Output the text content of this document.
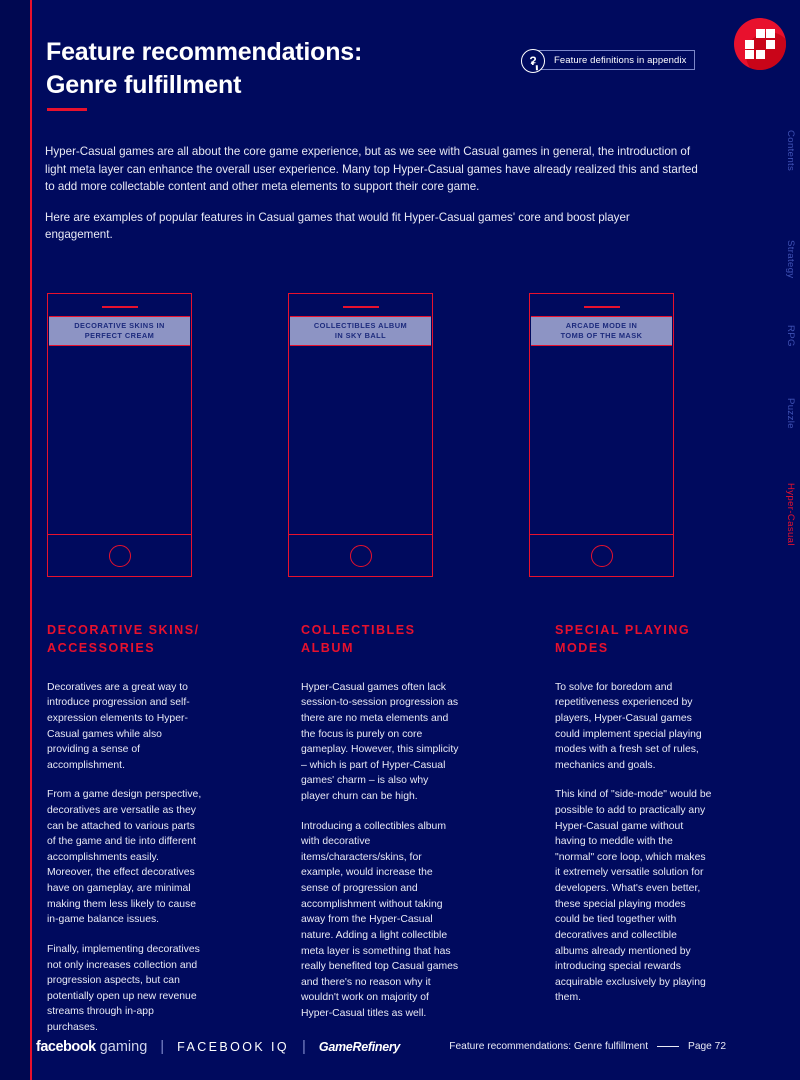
Feature recommendations:
Genre fulfillment
?	Feature definitions in appendix

Hyper-Casual games are all about the core game experience, but as we see with Casual games in general, the introduction of light meta layer can enhance the overall user experience. Many top Hyper-Casual games have already realized this and started to add more collectable content and other meta elements to support their core game.

Here are examples of popular features in Casual games that would fit Hyper-Casual games' core and boost player engagement.

DECORATIVE SKINS IN
PERFECT CREAM
COLLECTIBLES ALBUM
IN SKY BALL
ARCADE MODE IN
TOMB OF THE MASK
DECORATIVE SKINS/ ACCESSORIES

Decoratives are a great way to introduce progression and self-expression elements to Hyper-Casual games while also providing a sense of accomplishment.

From a game design perspective, decoratives are versatile as they can be attached to various parts of the game and tie into different accomplishments easily. Moreover, the effect decoratives have on gameplay, are minimal making them less likely to cause in-game balance issues.

Finally, implementing decoratives not only increases collection and progression aspects, but can potentially open up new revenue streams through in-app purchases.

COLLECTIBLES ALBUM

Hyper-Casual games often lack session-to-session progression as there are no meta elements and the focus is purely on core gameplay. However, this simplicity – which is part of Hyper-Casual games' charm – is also why player churn can be high.

Introducing a collectibles album with decorative items/characters/skins, for example, would increase the sense of progression and accomplishment without taking away from the Hyper-Casual nature. Adding a light collectible meta layer is something that has really benefited top Casual games and there's no reason why it wouldn't work on majority of Hyper-Casual titles as well.

SPECIAL PLAYING MODES

To solve for boredom and repetitiveness experienced by players, Hyper-Casual games could implement special playing modes with a fresh set of rules, mechanics and goals.

This kind of "side-mode" would be possible to add to practically any Hyper-Casual game without having to meddle with the "normal" core loop, which makes it extremely versatile solution for developers. What's even better, these special playing modes could be tied together with decoratives and collectible albums already mentioned by introducing special rewards acquirable exclusively by playing them.

Contents
Strategy
RPG
Puzzle
Hyper-Casual
facebook gaming | FACEBOOK IQ | GameRefinery	Feature recommendations: Genre fulfillment	Page 72
